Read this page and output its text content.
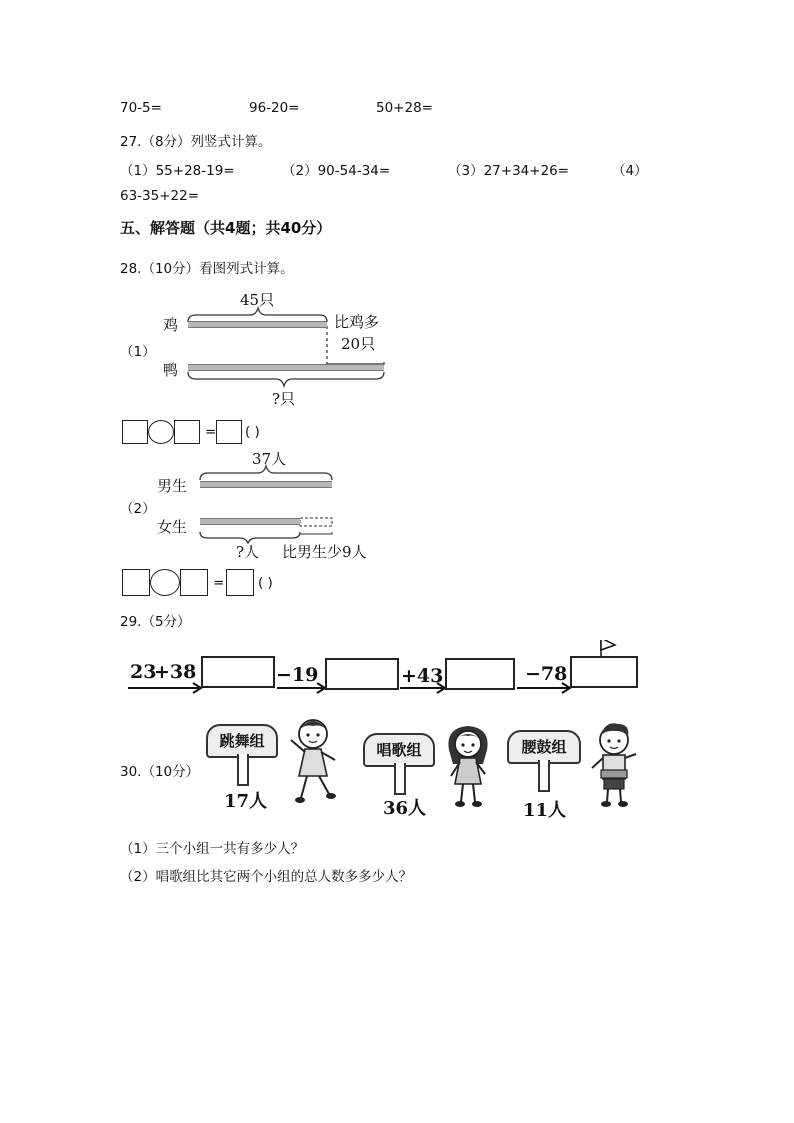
70-5=	96-20=	50+28=
27.（8分）列竖式计算。
（1）55+28-19=	（2）90-54-34=	（3）27+34+26=	（4）
63-35+22=
五、解答题（共4题；共40分）
28.（10分）看图列式计算。
45只
鸡
（1）
鸭
比鸡多
20只
?只
= ( )
37人
男生
（2）
女生
?人 比男生少9人
= ( )
29.（5分）
23
+38	−19	+43	−78
30.（10分）
跳舞组
17人
唱歌组
36人
腰鼓组
11人
（1）三个小组一共有多少人？
（2）唱歌组比其它两个小组的总人数多多少人？
